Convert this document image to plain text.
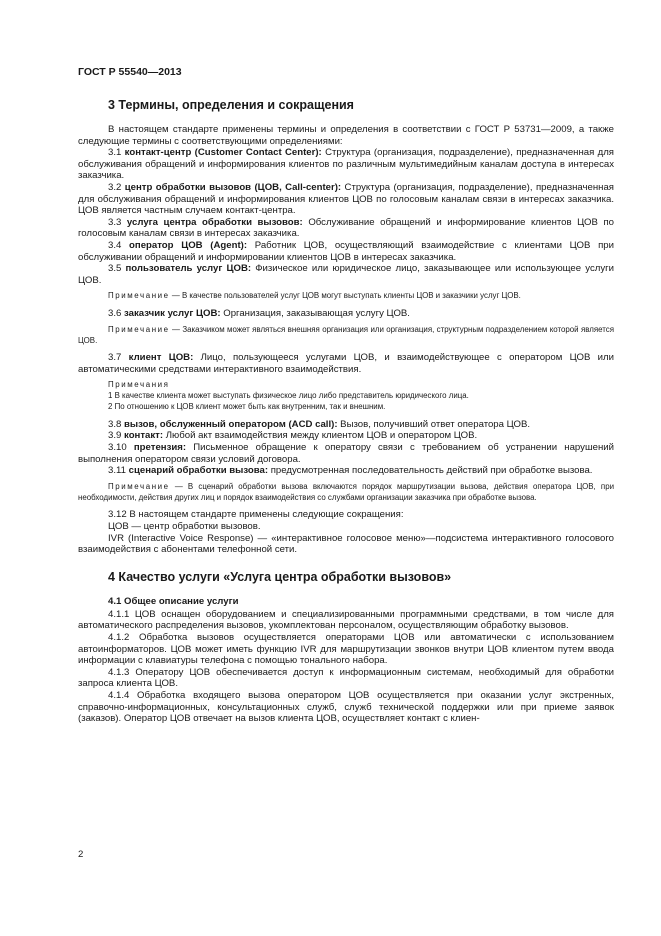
ГОСТ Р 55540—2013
3 Термины, определения и сокращения

В настоящем стандарте применены термины и определения в соответствии с ГОСТ Р 53731—2009, а также следующие термины с соответствующими определениями:

3.1 контакт-центр (Customer Contact Center): Структура (организация, подразделение), предназначенная для обслуживания обращений и информирования клиентов по различным мультимедийным каналам доступа в интересах заказчика.

3.2 центр обработки вызовов (ЦОВ, Call-center): Структура (организация, подразделение), предназначенная для обслуживания обращений и информирования клиентов ЦОВ по голосовым каналам связи в интересах заказчика. ЦОВ является частным случаем контакт-центра.

3.3 услуга центра обработки вызовов: Обслуживание обращений и информирование клиентов ЦОВ по голосовым каналам связи в интересах заказчика.

3.4 оператор ЦОВ (Agent): Работник ЦОВ, осуществляющий взаимодействие с клиентами ЦОВ при обслуживании обращений и информировании клиентов ЦОВ в интересах заказчика.

3.5 пользователь услуг ЦОВ: Физическое или юридическое лицо, заказывающее или использующее услуги ЦОВ.

Примечание — В качестве пользователей услуг ЦОВ могут выступать клиенты ЦОВ и заказчики услуг ЦОВ.

3.6 заказчик услуг ЦОВ: Организация, заказывающая услугу ЦОВ.

Примечание — Заказчиком может являться внешняя организация или организация, структурным подразделением которой является ЦОВ.

3.7 клиент ЦОВ: Лицо, пользующееся услугами ЦОВ, и взаимодействующее с оператором ЦОВ или автоматическими средствами интерактивного взаимодействия.

Примечания
1 В качестве клиента может выступать физическое лицо либо представитель юридического лица.
2 По отношению к ЦОВ клиент может быть как внутренним, так и внешним.

3.8 вызов, обслуженный оператором (ACD call): Вызов, получивший ответ оператора ЦОВ.

3.9 контакт: Любой акт взаимодействия между клиентом ЦОВ и оператором ЦОВ.

3.10 претензия: Письменное обращение к оператору связи с требованием об устранении нарушений выполнения оператором связи условий договора.

3.11 сценарий обработки вызова: предусмотренная последовательность действий при обработке вызова.

Примечание — В сценарий обработки вызова включаются порядок маршрутизации вызова, действия оператора ЦОВ, при необходимости, действия других лиц и порядок взаимодействия со службами организации заказчика при обработке вызова.

3.12 В настоящем стандарте применены следующие сокращения:

ЦОВ — центр обработки вызовов.

IVR (Interactive Voice Response) — «интерактивное голосовое меню»—подсистема интерактивного голосового взаимодействия с абонентами телефонной сети.

4 Качество услуги «Услуга центра обработки вызовов»
4.1 Общее описание услуги

4.1.1 ЦОВ оснащен оборудованием и специализированными программными средствами, в том числе для автоматического распределения вызовов, укомплектован персоналом, осуществляющим обработку вызовов.

4.1.2 Обработка вызовов осуществляется операторами ЦОВ или автоматически с использованием автоинформаторов. ЦОВ может иметь функцию IVR для маршрутизации звонков внутри ЦОВ клиентом путем ввода информации с клавиатуры телефона с помощью тонального набора.

4.1.3 Оператору ЦОВ обеспечивается доступ к информационным системам, необходимый для обработки запроса клиента ЦОВ.

4.1.4 Обработка входящего вызова оператором ЦОВ осуществляется при оказании услуг экстренных, справочно-информационных, консультационных служб, служб технической поддержки или при приеме заявок (заказов). Оператор ЦОВ отвечает на вызов клиента ЦОВ, осуществляет контакт с клиен-

2
